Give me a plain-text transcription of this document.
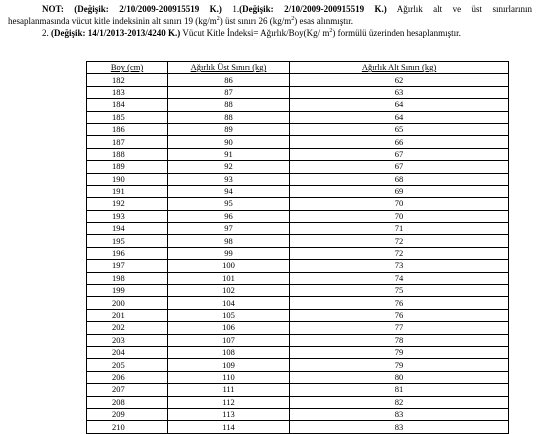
NOT: (Değişik: 2/10/2009-200915519 K.) 1.(Değişik: 2/10/2009-200915519 K.) Ağırlık alt ve üst sınırlarının
hesaplanmasında vücut kitle indeksinin alt sınırı 19 $(kg/m^2)$ üst sınırı 26 $(kg/m^2)$ esas alınmıştır.
2. (Değişik: 14/1/2013-2013/4240 K.) Vücut Kitle İndeksi= Ağırlık/Boy(Kg/ $m^2$) formülü üzerinden hesaplanmıştır.
Boy (cm)	Ağırlık Üst Sınırı (kg)	Ağırlık Alt Sınırı (kg)
182	86	62
183	87	63
184	88	64
185	88	64
186	89	65
187	90	66
188	91	67
189	92	67
190	93	68
191	94	69
192	95	70
193	96	70
194	97	71
195	98	72
196	99	72
197	100	73
198	101	74
199	102	75
200	104	76
201	105	76
202	106	77
203	107	78
204	108	79
205	109	79
206	110	80
207	111	81
208	112	82
209	113	83
210	114	83
